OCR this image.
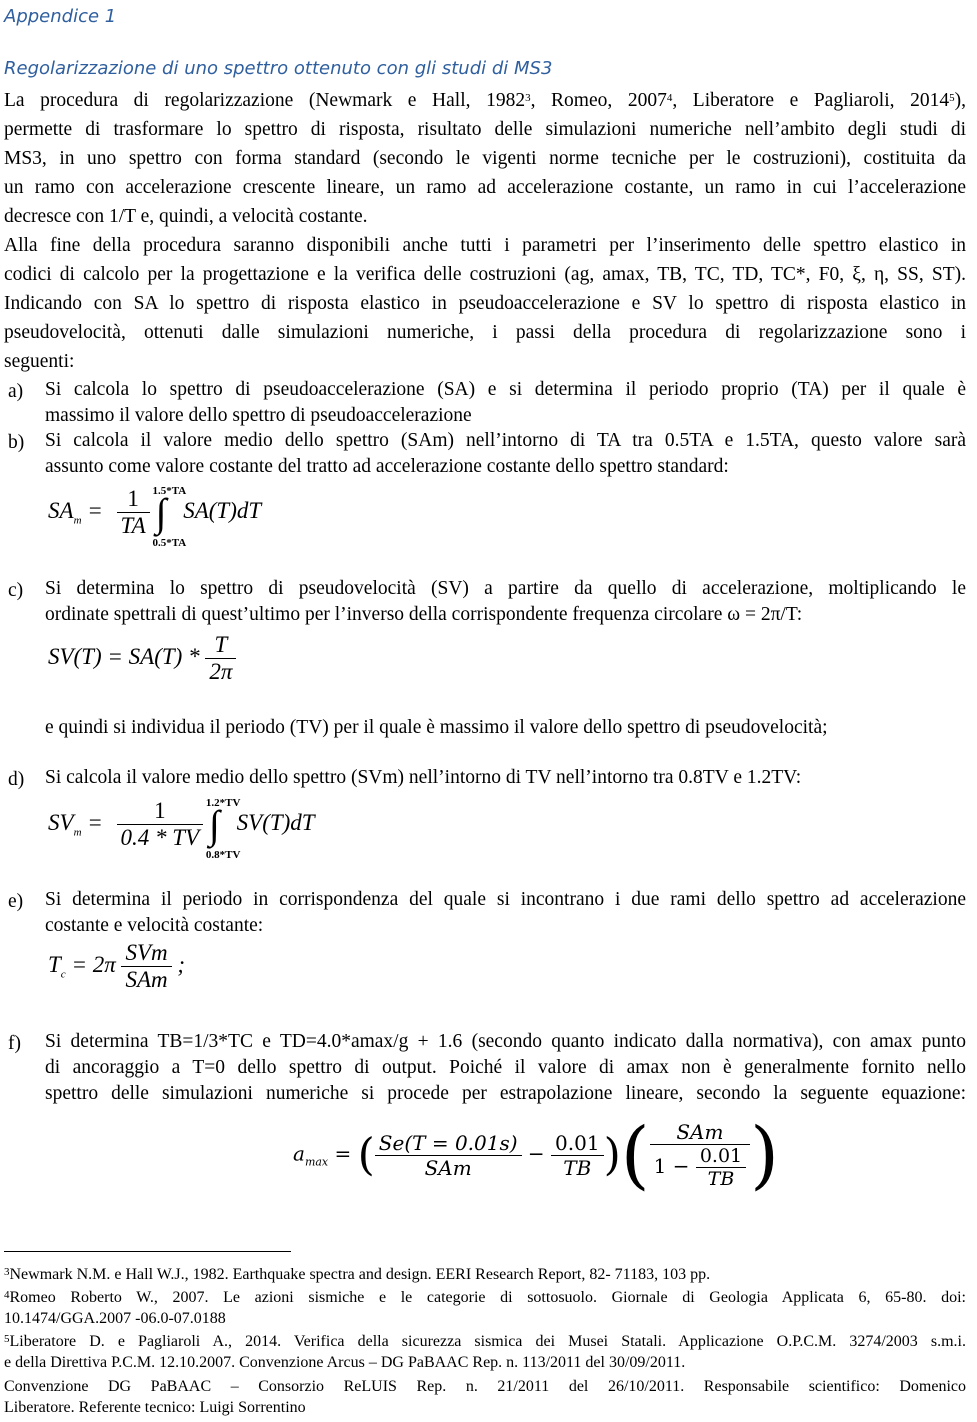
Appendice 1
Regolarizzazione di uno spettro ottenuto con gli studi di MS3
La procedura di regolarizzazione (Newmark e Hall, 1982$^3$, Romeo, 2007$^4$, Liberatore e Pagliaroli, 2014$^5$),
permette di trasformare lo spettro di risposta, risultato delle simulazioni numeriche nell’ambito degli studi di
MS3, in uno spettro con forma standard (secondo le vigenti norme tecniche per le costruzioni), costituita da
un ramo con accelerazione crescente lineare, un ramo ad accelerazione costante, un ramo in cui l’accelerazione
decresce con 1/T e, quindi, a velocità costante.
Alla fine della procedura saranno disponibili anche tutti i parametri per l’inserimento delle spettro elastico in
codici di calcolo per la progettazione e la verifica delle costruzioni (ag, amax, TB, TC, TD, TC*, F0, ξ, η, SS, ST).
Indicando con SA lo spettro di risposta elastico in pseudoaccelerazione e SV lo spettro di risposta elastico in
pseudovelocità, ottenuti dalle simulazioni numeriche, i passi della procedura di regolarizzazione sono i
seguenti:
a) Si calcola lo spettro di pseudoaccelerazione (SA) e si determina il periodo proprio (TA) per il quale è
massimo il valore dello spettro di pseudoaccelerazione
b) Si calcola il valore medio dello spettro (SAm) nell’intorno di TA tra 0.5TA e 1.5TA, questo valore sarà
assunto come valore costante del tratto ad accelerazione costante dello spettro standard:
$SA_m = \frac{1}{TA}$ ∫
1.5*TA
0.5*TA
SA(T)dT
c) Si determina lo spettro di pseudovelocità (SV) a partire da quello di accelerazione, moltiplicando le
ordinate spettrali di quest’ultimo per l’inverso della corrispondente frequenza circolare ω = 2π/T:
$SV(T) = SA(T) * \frac{T}{2\pi}$
e quindi si individua il periodo (TV) per il quale è massimo il valore dello spettro di pseudovelocità;
d) Si calcola il valore medio dello spettro (SVm) nell’intorno di TV nell’intorno tra 0.8TV e 1.2TV:
$SV_m = \frac{1}{0.4 * TV}$ ∫
1.2*TV
0.8*TV
SV(T)dT
e) Si determina il periodo in corrispondenza del quale si incontrano i due rami dello spettro ad accelerazione
costante e velocità costante:
$T_c = 2\pi \frac{\text{SVm}}{\text{SAm}}$ ;
f) Si determina TB=1/3*TC e TD=4.0*amax/g + 1.6 (secondo quanto indicato dalla normativa), con amax punto
di ancoraggio a T=0 dello spettro di output. Poiché il valore di amax non è generalmente fornito nello
spettro delle simulazioni numeriche si procede per estrapolazione lineare, secondo la seguente equazione:
$a_{max}$ = ( $\frac{Se(T = 0.01s)}{\text{SAm}} - \frac{0.01}{TB}$ )( $\frac{\text{SAm}}{1 - \frac{0.01}{TB}}$ )
$^3$Newmark N.M. e Hall W.J., 1982. Earthquake spectra and design. EERI Research Report, 82- 71183, 103 pp.
$^4$Romeo Roberto W., 2007. Le azioni sismiche e le categorie di sottosuolo. Giornale di Geologia Applicata 6, 65-80. doi:
10.1474/GGA.2007 -06.0-07.0188
$^5$Liberatore D. e Pagliaroli A., 2014. Verifica della sicurezza sismica dei Musei Statali. Applicazione O.P.C.M. 3274/2003 s.m.i.
e della Direttiva P.C.M. 12.10.2007. Convenzione Arcus – DG PaBAAC Rep. n. 113/2011 del 30/09/2011.
Convenzione DG PaBAAC – Consorzio ReLUIS Rep. n. 21/2011 del 26/10/2011. Responsabile scientifico: Domenico
Liberatore. Referente tecnico: Luigi Sorrentino
